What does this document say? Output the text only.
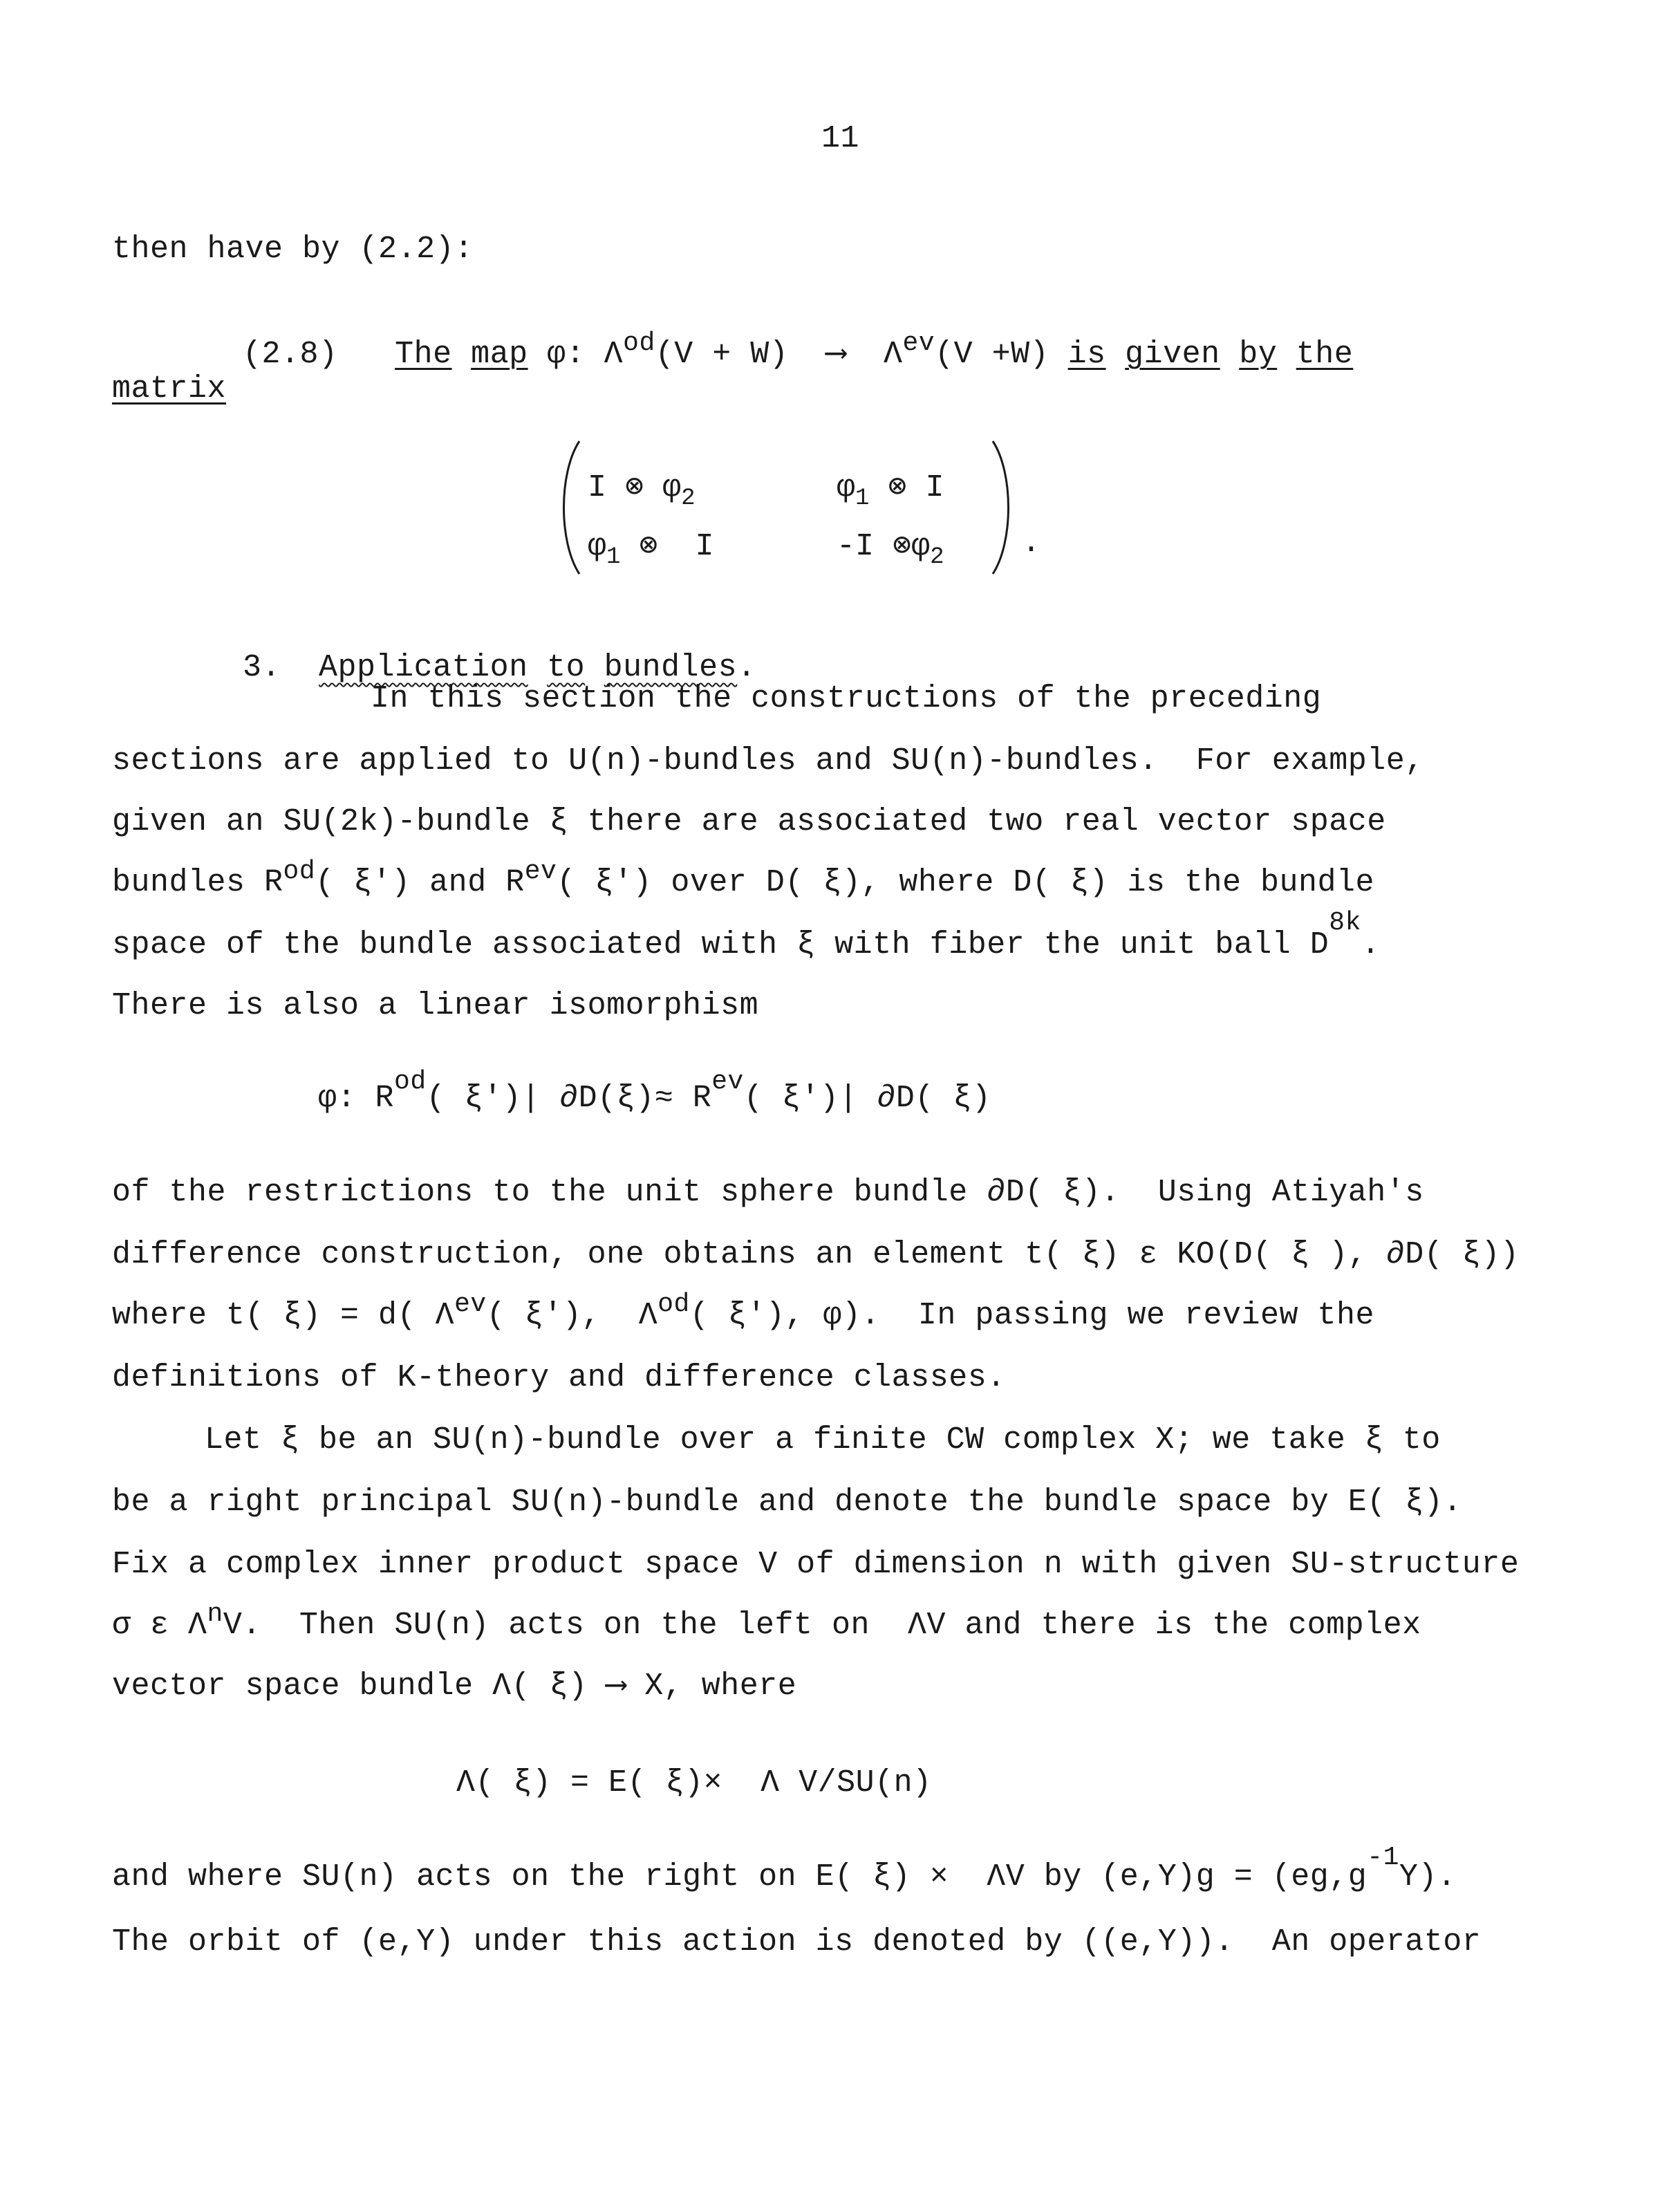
11
then have by (2.2):

(2.8) The map φ: $\Lambda^{od}(V + W)$ ⟶ $\Lambda^{ev}(V +W)$ is given by the

matrix
I ⊗ $\varphi_2$	$\varphi_1$ ⊗ I
$\varphi_1$ ⊗  I	-I $\otimes\varphi_2$ .

3. Application to bundles.

In this section the constructions of the preceding
sections are applied to U(n)-bundles and SU(n)-bundles.  For example,
given an SU(2k)-bundle ξ there are associated two real vector space
bundles $R^{od}$( ξ') and $R^{ev}$( ξ') over D( ξ), where D( ξ) is the bundle
space of the bundle associated with ξ with fiber the unit ball $D^{8k}$.
There is also a linear isomorphism
φ: $R^{od}$( ξ')| $\partial D(\xi)\approx R^{ev}$( ξ')| ∂D( ξ)
of the restrictions to the unit sphere bundle ∂D( ξ).  Using Atiyah's
difference construction, one obtains an element t( ξ) ε KO(D( ξ ), ∂D( ξ))
where t( ξ) = d( $\Lambda^{ev}$( ξ'),  $\Lambda^{od}$( ξ'), φ).  In passing we review the
definitions of K-theory and difference classes.
Let ξ be an SU(n)-bundle over a finite CW complex X; we take ξ to
be a right principal SU(n)-bundle and denote the bundle space by E( ξ).
Fix a complex inner product space V of dimension n with given SU-structure
σ ε $\Lambda^nV$.  Then SU(n) acts on the left on  ΛV and there is the complex
vector space bundle Λ( ξ) ⟶ X, where
Λ( ξ) = E( ξ)×  Λ V/SU(n)
and where SU(n) acts on the right on E( ξ) ×  ΛV by $(e,Y)g = (eg,g^{-1}Y)$.
The orbit of (e,Y) under this action is denoted by ((e,Y)).  An operator
